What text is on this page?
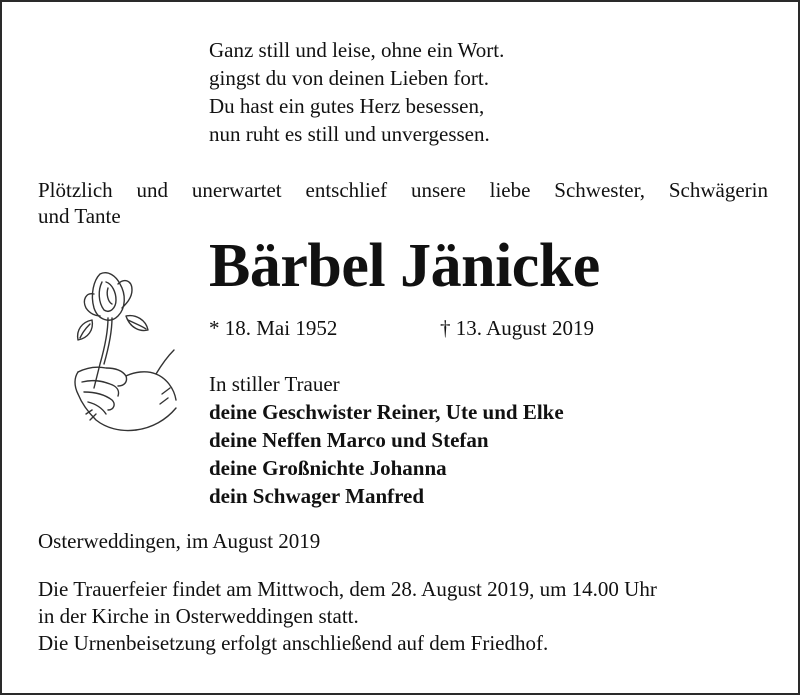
Ganz still und leise, ohne ein Wort.
gingst du von deinen Lieben fort.
Du hast ein gutes Herz besessen,
nun ruht es still und unvergessen.
Plötzlich und unerwartet entschlief unsere liebe Schwester, Schwägerin
und Tante
Bärbel Jänicke
* 18. Mai 1952	† 13. August 2019
In stiller Trauer
deine Geschwister Reiner, Ute und Elke
deine Neffen Marco und Stefan
deine Großnichte Johanna
dein Schwager Manfred
Osterweddingen, im August 2019
Die Trauerfeier findet am Mittwoch, dem 28. August 2019, um 14.00 Uhr
in der Kirche in Osterweddingen statt.
Die Urnenbeisetzung erfolgt anschließend auf dem Friedhof.
